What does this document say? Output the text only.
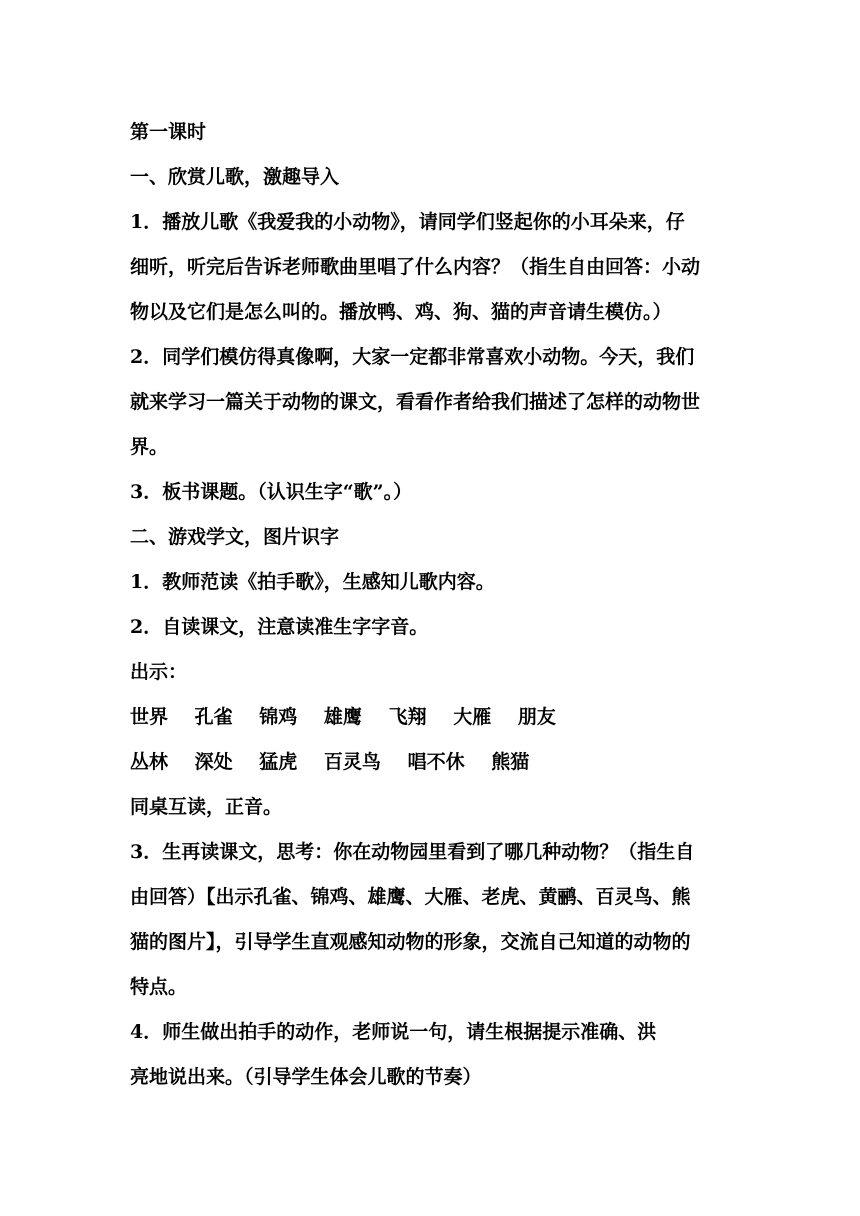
第一课时
一、欣赏儿歌，激趣导入
1．播放儿歌《我爱我的小动物》，请同学们竖起你的小耳朵来，仔
细听，听完后告诉老师歌曲里唱了什么内容？（指生自由回答：小动
物以及它们是怎么叫的。播放鸭、鸡、狗、猫的声音请生模仿。）
2．同学们模仿得真像啊，大家一定都非常喜欢小动物。今天，我们
就来学习一篇关于动物的课文，看看作者给我们描述了怎样的动物世
界。
3．板书课题。（认识生字“歌”。）
二、游戏学文，图片识字
1．教师范读《拍手歌》，生感知儿歌内容。
2．自读课文，注意读准生字字音。
出示：
世界 孔雀 锦鸡 雄鹰 飞翔 大雁 朋友
丛林 深处 猛虎 百灵鸟 唱不休 熊猫
同桌互读，正音。
3．生再读课文，思考：你在动物园里看到了哪几种动物？（指生自
由回答）【出示孔雀、锦鸡、雄鹰、大雁、老虎、黄鹂、百灵鸟、熊
猫的图片】，引导学生直观感知动物的形象，交流自己知道的动物的
特点。
4．师生做出拍手的动作，老师说一句，请生根据提示准确、洪
亮地说出来。（引导学生体会儿歌的节奏）
